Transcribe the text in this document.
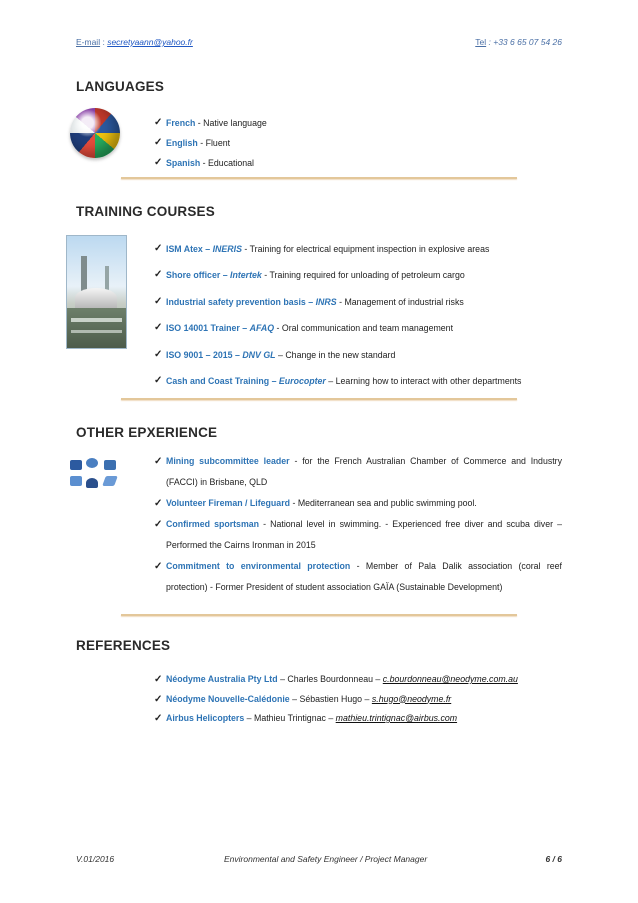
E-mail : secretyaann@yahoo.fr	Tel : +33 6 65 07 54 26
LANGUAGES
✓ French - Native language
✓ English - Fluent
✓ Spanish - Educational
TRAINING COURSES
✓ ISM Atex – INERIS - Training for electrical equipment inspection in explosive areas
✓ Shore officer – Intertek - Training required for unloading of petroleum cargo
✓ Industrial safety prevention basis – INRS - Management of industrial risks
✓ ISO 14001 Trainer – AFAQ - Oral communication and team management
✓ ISO 9001 – 2015 – DNV GL – Change in the new standard
✓ Cash and Coast Training – Eurocopter – Learning how to interact with other departments
OTHER EPXERIENCE
✓ Mining subcommittee leader - for the French Australian Chamber of Commerce and Industry (FACCI) in Brisbane, QLD
✓ Volunteer Fireman / Lifeguard - Mediterranean sea and public swimming pool.
✓ Confirmed sportsman - National level in swimming. - Experienced free diver and scuba diver – Performed the Cairns Ironman in 2015
✓ Commitment to environmental protection - Member of Pala Dalik association (coral reef protection) - Former President of student association GAÏA (Sustainable Development)
REFERENCES
✓ Néodyme Australia Pty Ltd – Charles Bourdonneau – c.bourdonneau@neodyme.com.au
✓ Néodyme Nouvelle-Calédonie – Sébastien Hugo – s.hugo@neodyme.fr
✓ Airbus Helicopters – Mathieu Trintignac – mathieu.trintignac@airbus.com
V.01/2016	Environmental and Safety Engineer / Project Manager	6 / 6
